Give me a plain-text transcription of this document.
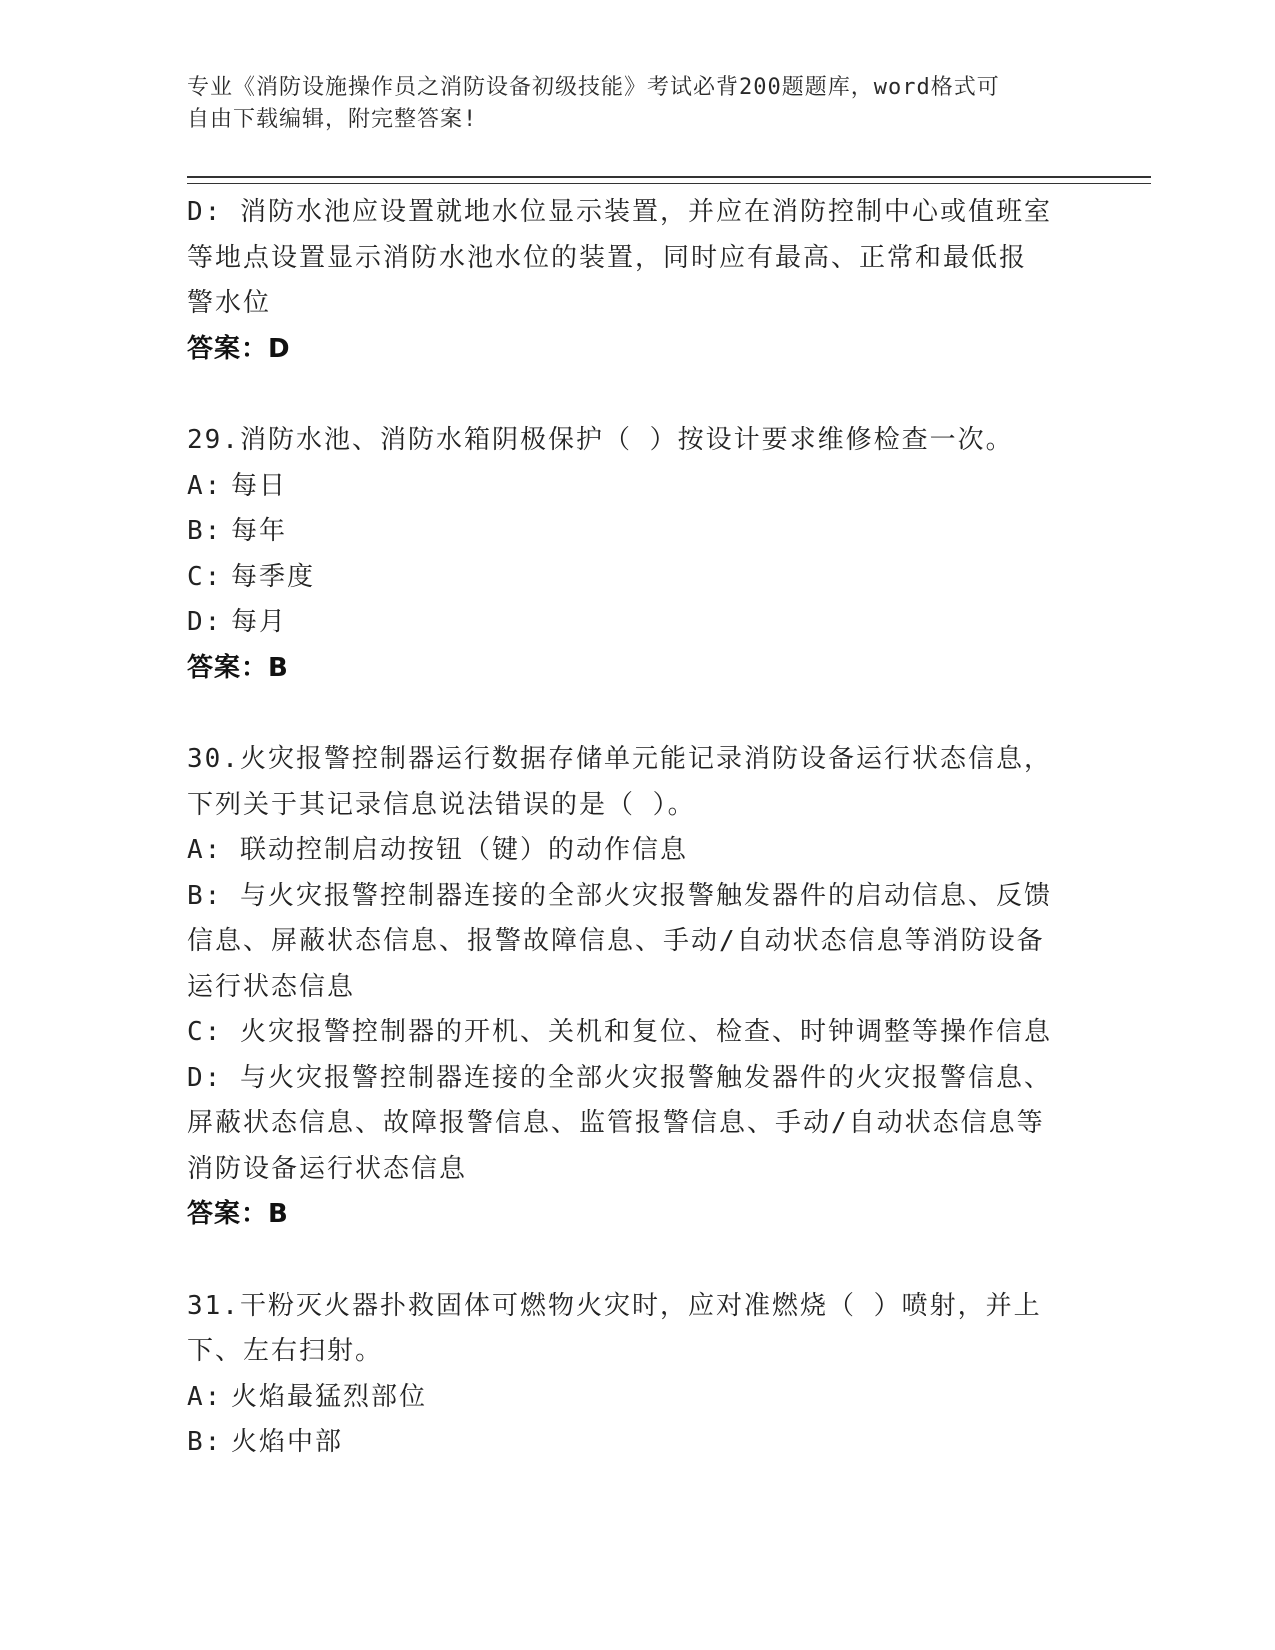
专业《消防设施操作员之消防设备初级技能》考试必背200题题库，word格式可
自由下载编辑，附完整答案!
D: 消防水池应设置就地水位显示装置，并应在消防控制中心或值班室
等地点设置显示消防水池水位的装置，同时应有最高、正常和最低报
警水位
答案：D
29.消防水池、消防水箱阴极保护（ ）按设计要求维修检查一次。
A: 每日
B: 每年
C: 每季度
D: 每月
答案：B
30.火灾报警控制器运行数据存储单元能记录消防设备运行状态信息，
下列关于其记录信息说法错误的是（ ）。
A: 联动控制启动按钮（键）的动作信息
B: 与火灾报警控制器连接的全部火灾报警触发器件的启动信息、反馈
信息、屏蔽状态信息、报警故障信息、手动/自动状态信息等消防设备
运行状态信息
C: 火灾报警控制器的开机、关机和复位、检查、时钟调整等操作信息
D: 与火灾报警控制器连接的全部火灾报警触发器件的火灾报警信息、
屏蔽状态信息、故障报警信息、监管报警信息、手动/自动状态信息等
消防设备运行状态信息
答案：B
31.干粉灭火器扑救固体可燃物火灾时，应对准燃烧（ ）喷射，并上
下、左右扫射。
A: 火焰最猛烈部位
B: 火焰中部
